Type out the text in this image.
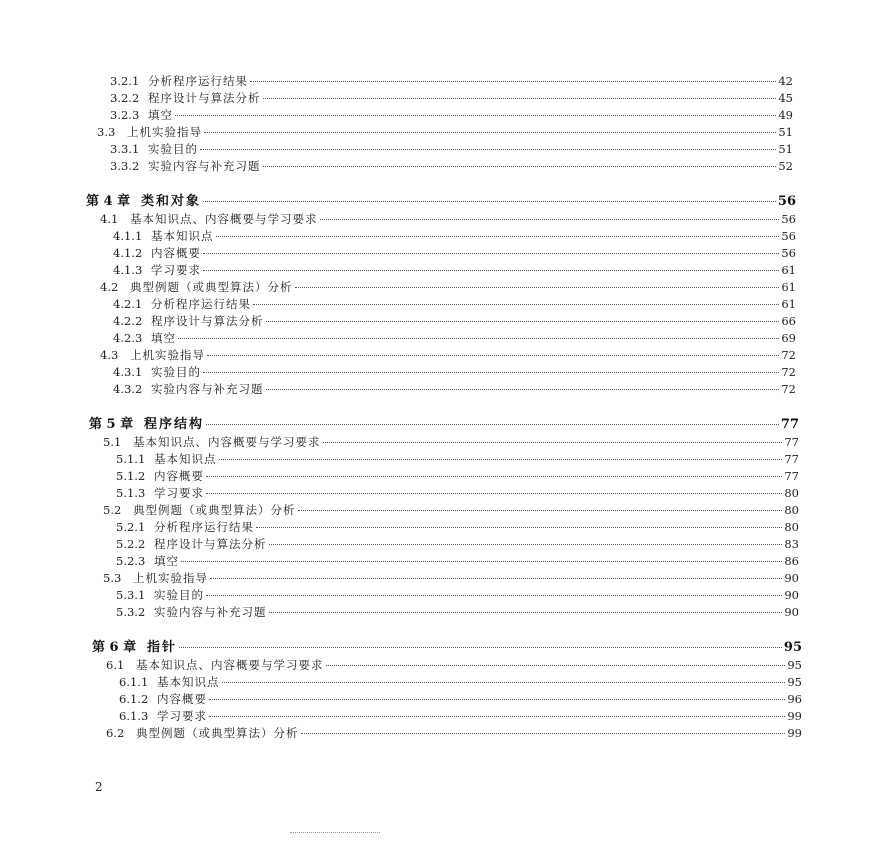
3.2.1 分析程序运行结果	42
3.2.2 程序设计与算法分析	45
3.2.3 填空	49
3.3	上机实验指导	51
3.3.1 实验目的	51
3.3.2 实验内容与补充习题	52
第 4 章 类和对象	56
4.1	基本知识点、内容概要与学习要求	56
4.1.1 基本知识点	56
4.1.2 内容概要	56
4.1.3 学习要求	61
4.2	典型例题（或典型算法）分析	61
4.2.1 分析程序运行结果	61
4.2.2 程序设计与算法分析	66
4.2.3 填空	69
4.3	上机实验指导	72
4.3.1 实验目的	72
4.3.2 实验内容与补充习题	72
第 5 章 程序结构	77
5.1	基本知识点、内容概要与学习要求	77
5.1.1 基本知识点	77
5.1.2 内容概要	77
5.1.3 学习要求	80
5.2	典型例题（或典型算法）分析	80
5.2.1 分析程序运行结果	80
5.2.2 程序设计与算法分析	83
5.2.3 填空	86
5.3	上机实验指导	90
5.3.1 实验目的	90
5.3.2 实验内容与补充习题	90
第 6 章 指针	95
6.1	基本知识点、内容概要与学习要求	95
6.1.1 基本知识点	95
6.1.2 内容概要	96
6.1.3 学习要求	99
6.2	典型例题（或典型算法）分析	99
2
